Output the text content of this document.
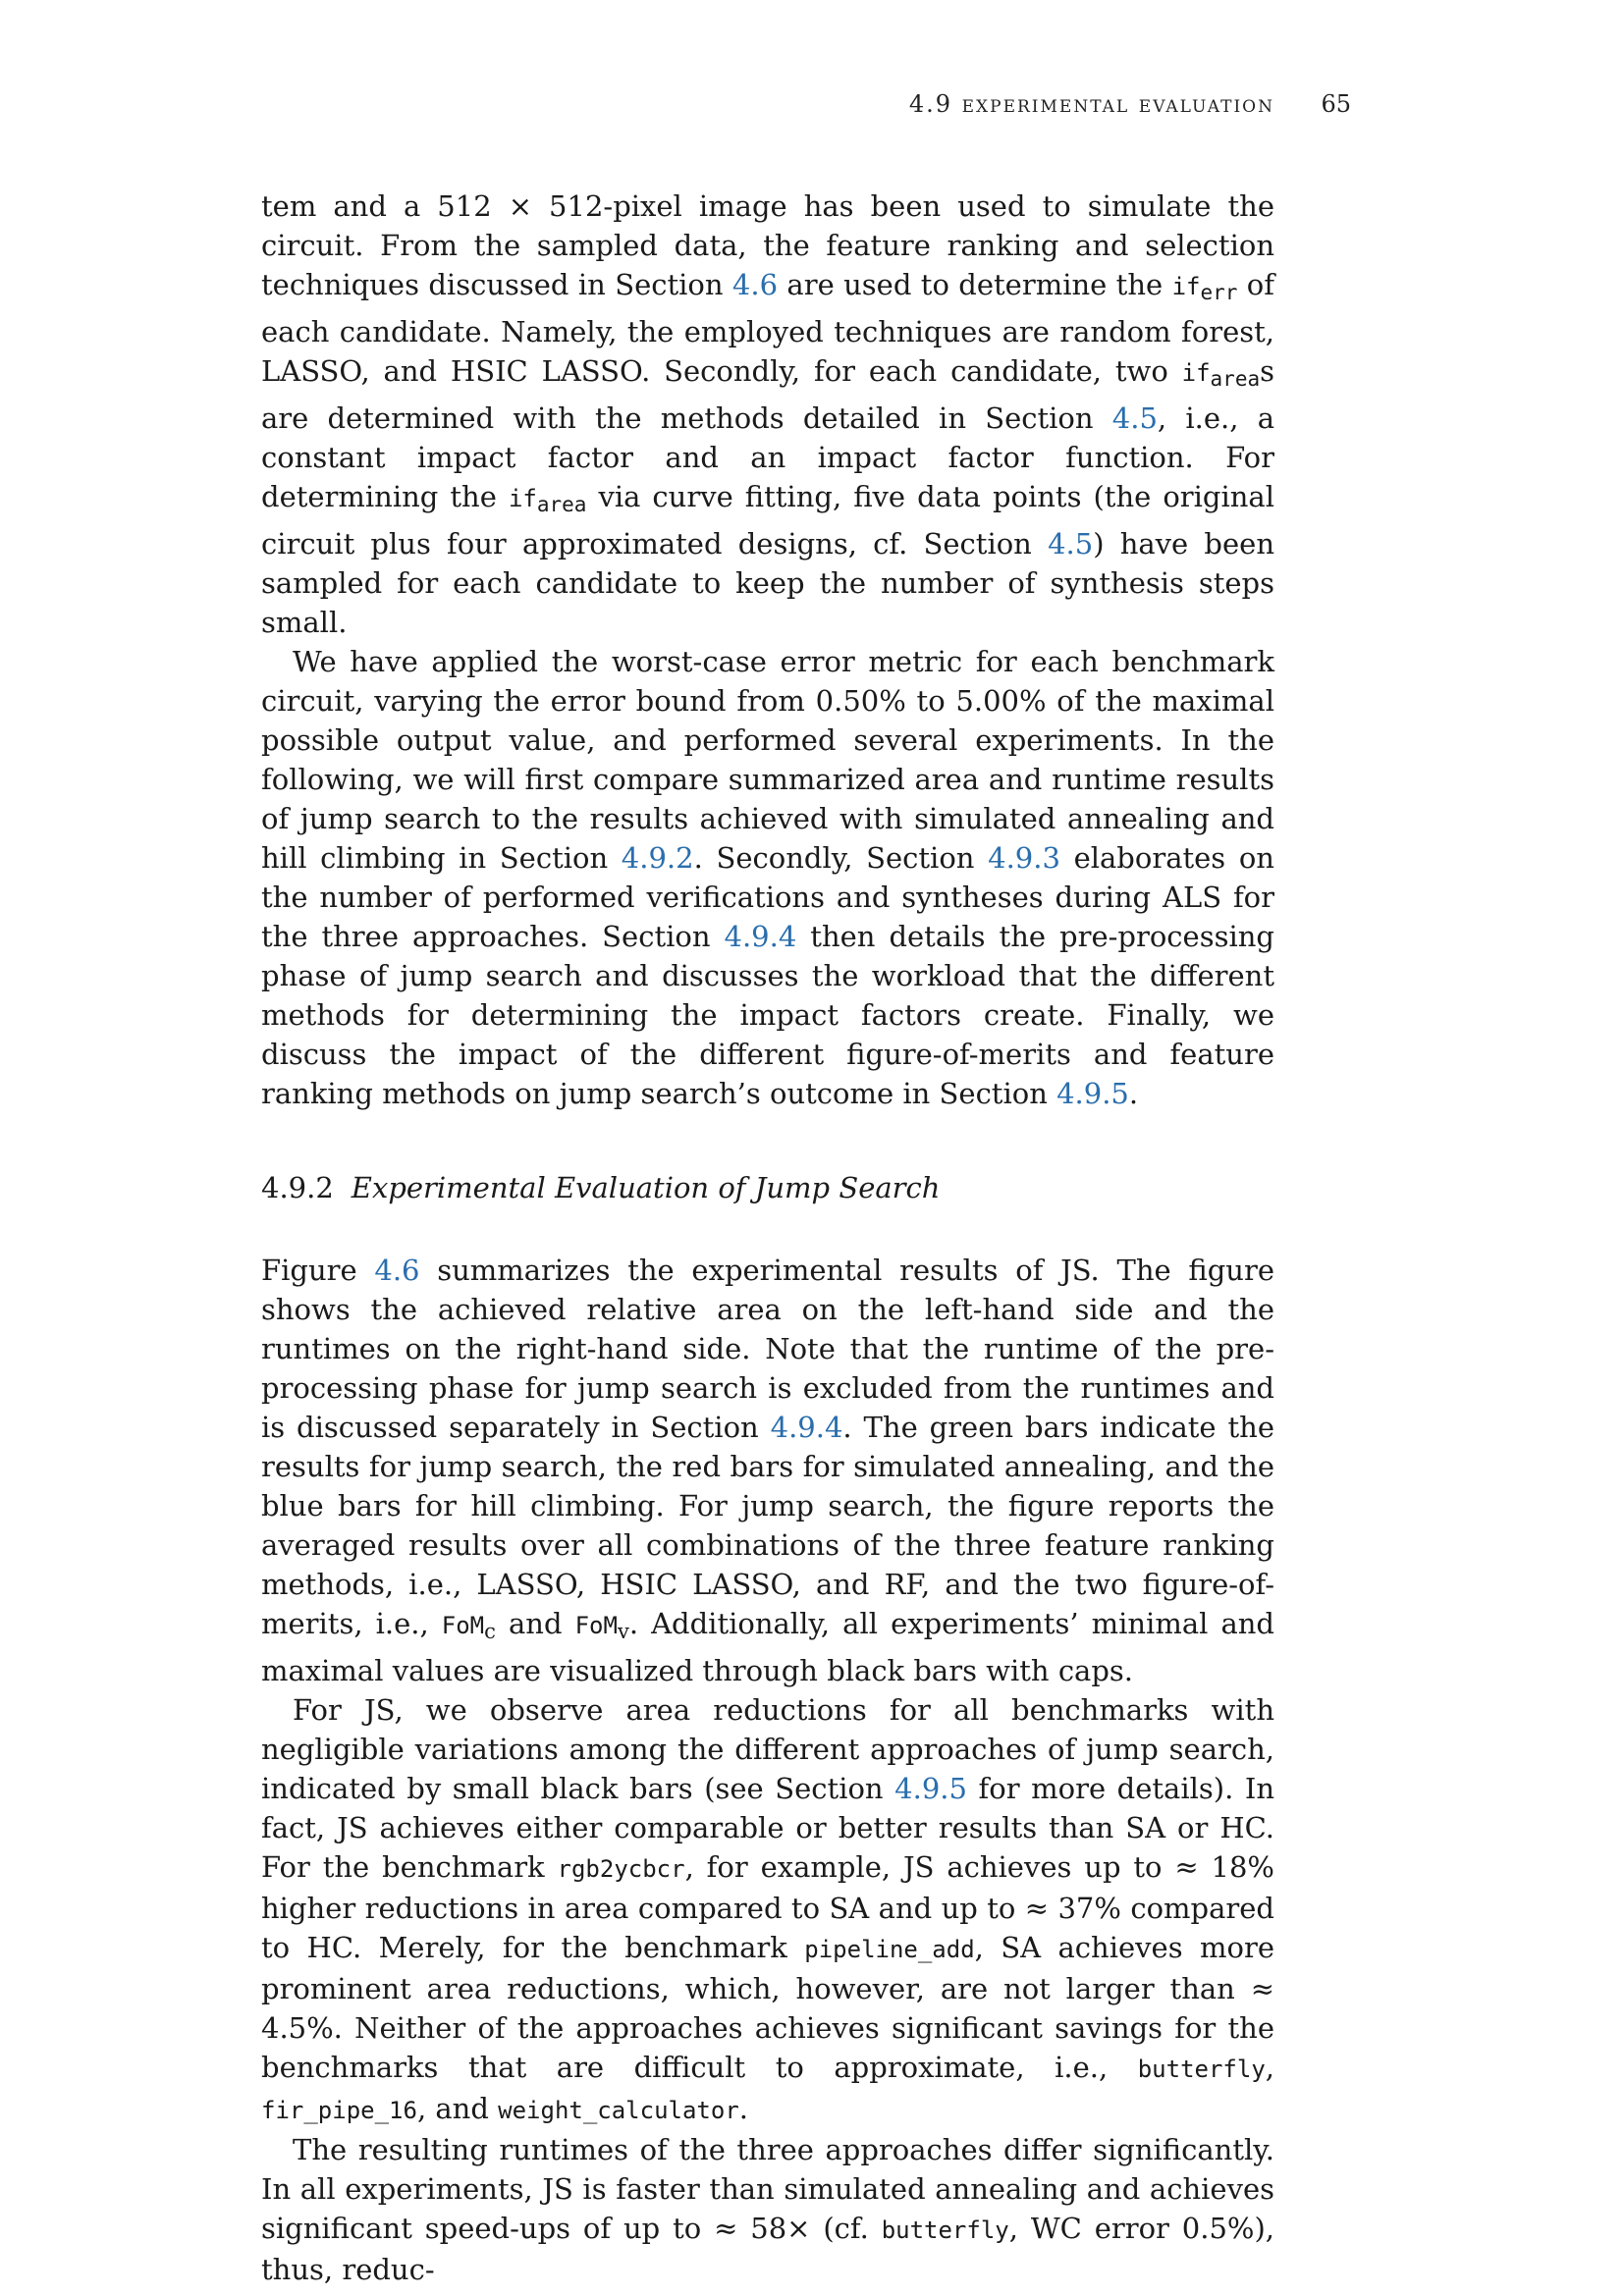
4.9 experimental evaluation 65

tem and a 512 × 512-pixel image has been used to simulate the circuit. From the sampled data, the feature ranking and selection techniques discussed in Section 4.6 are used to determine the $if_{err}$ of each candidate. Namely, the employed techniques are random forest, LASSO, and HSIC LASSO. Secondly, for each candidate, two $if_{area}s$ are determined with the methods detailed in Section 4.5, i.e., a constant impact factor and an impact factor function. For determining the $if_{area}$ via curve fitting, five data points (the original circuit plus four approximated designs, cf. Section 4.5) have been sampled for each candidate to keep the number of synthesis steps small.

We have applied the worst-case error metric for each benchmark circuit, varying the error bound from 0.50% to 5.00% of the maximal possible output value, and performed several experiments. In the following, we will first compare summarized area and runtime results of jump search to the results achieved with simulated annealing and hill climbing in Section 4.9.2. Secondly, Section 4.9.3 elaborates on the number of performed verifications and syntheses during ALS for the three approaches. Section 4.9.4 then details the pre-processing phase of jump search and discusses the workload that the different methods for determining the impact factors create. Finally, we discuss the impact of the different figure-of-merits and feature ranking methods on jump search’s outcome in Section 4.9.5.

4.9.2 Experimental Evaluation of Jump Search

Figure 4.6 summarizes the experimental results of JS. The figure shows the achieved relative area on the left-hand side and the runtimes on the right-hand side. Note that the runtime of the pre-processing phase for jump search is excluded from the runtimes and is discussed separately in Section 4.9.4. The green bars indicate the results for jump search, the red bars for simulated annealing, and the blue bars for hill climbing. For jump search, the figure reports the averaged results over all combinations of the three feature ranking methods, i.e., LASSO, HSIC LASSO, and RF, and the two figure-of-merits, i.e., FoM$_c$ and FoM$_v$. Additionally, all experiments’ minimal and maximal values are visualized through black bars with caps.

For JS, we observe area reductions for all benchmarks with negligible variations among the different approaches of jump search, indicated by small black bars (see Section 4.9.5 for more details). In fact, JS achieves either comparable or better results than SA or HC. For the benchmark rgb2ycbcr, for example, JS achieves up to ≈ 18% higher reductions in area compared to SA and up to ≈ 37% compared to HC. Merely, for the benchmark pipeline_add, SA achieves more prominent area reductions, which, however, are not larger than ≈ 4.5%. Neither of the approaches achieves significant savings for the benchmarks that are difficult to approximate, i.e., butterfly, fir_pipe_16, and weight_calculator.

The resulting runtimes of the three approaches differ significantly. In all experiments, JS is faster than simulated annealing and achieves significant speed-ups of up to ≈ 58× (cf. butterfly, WC error 0.5%), thus, reduc-
